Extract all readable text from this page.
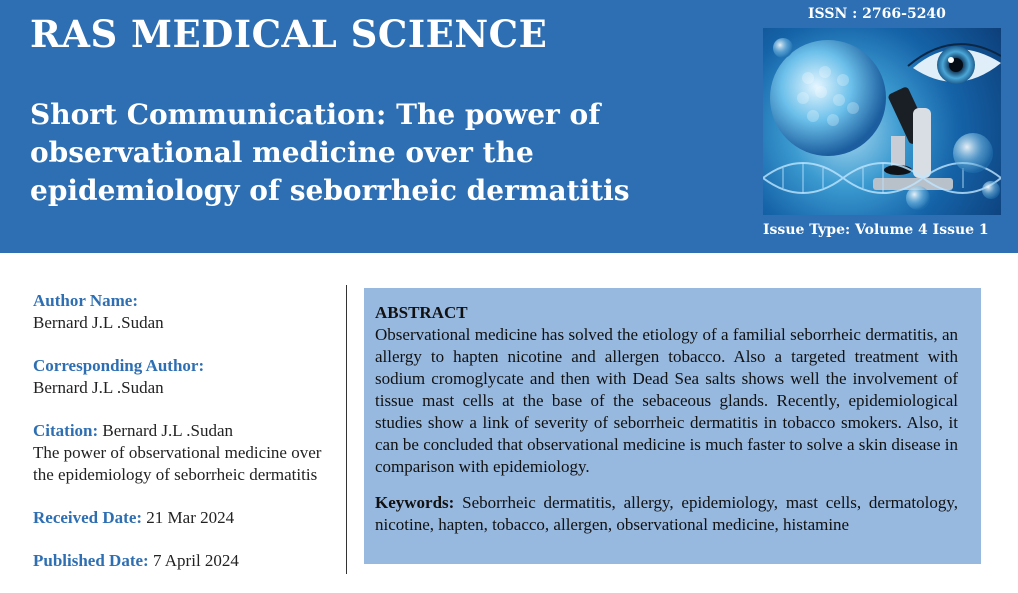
RAS MEDICAL SCIENCE
Short Communication: The power of observational medicine over the epidemiology of seborrheic dermatitis
ISSN : 2766-5240
Issue Type: Volume 4 Issue 1
Author Name:
Bernard J.L .Sudan
Corresponding Author:
Bernard J.L .Sudan
Citation: Bernard J.L .Sudan
The power of observational medicine over the epidemiology of seborrheic dermatitis
Received Date: 21 Mar 2024
Published Date: 7 April 2024

ABSTRACT

Observational medicine has solved the etiology of a familial seborrheic dermatitis, an allergy to hapten nicotine and allergen tobacco. Also a targeted treatment with sodium cromoglycate and then with Dead Sea salts shows well the involvement of tissue mast cells at the base of the sebaceous glands. Recently, epidemiological studies show a link of severity of seborrheic dermatitis in tobacco smokers. Also, it can be concluded that observational medicine is much faster to solve a skin disease in comparison with epidemiology.

Keywords: Seborrheic dermatitis, allergy, epidemiology, mast cells, dermatology, nicotine, hapten, tobacco, allergen, observational medicine, histamine
